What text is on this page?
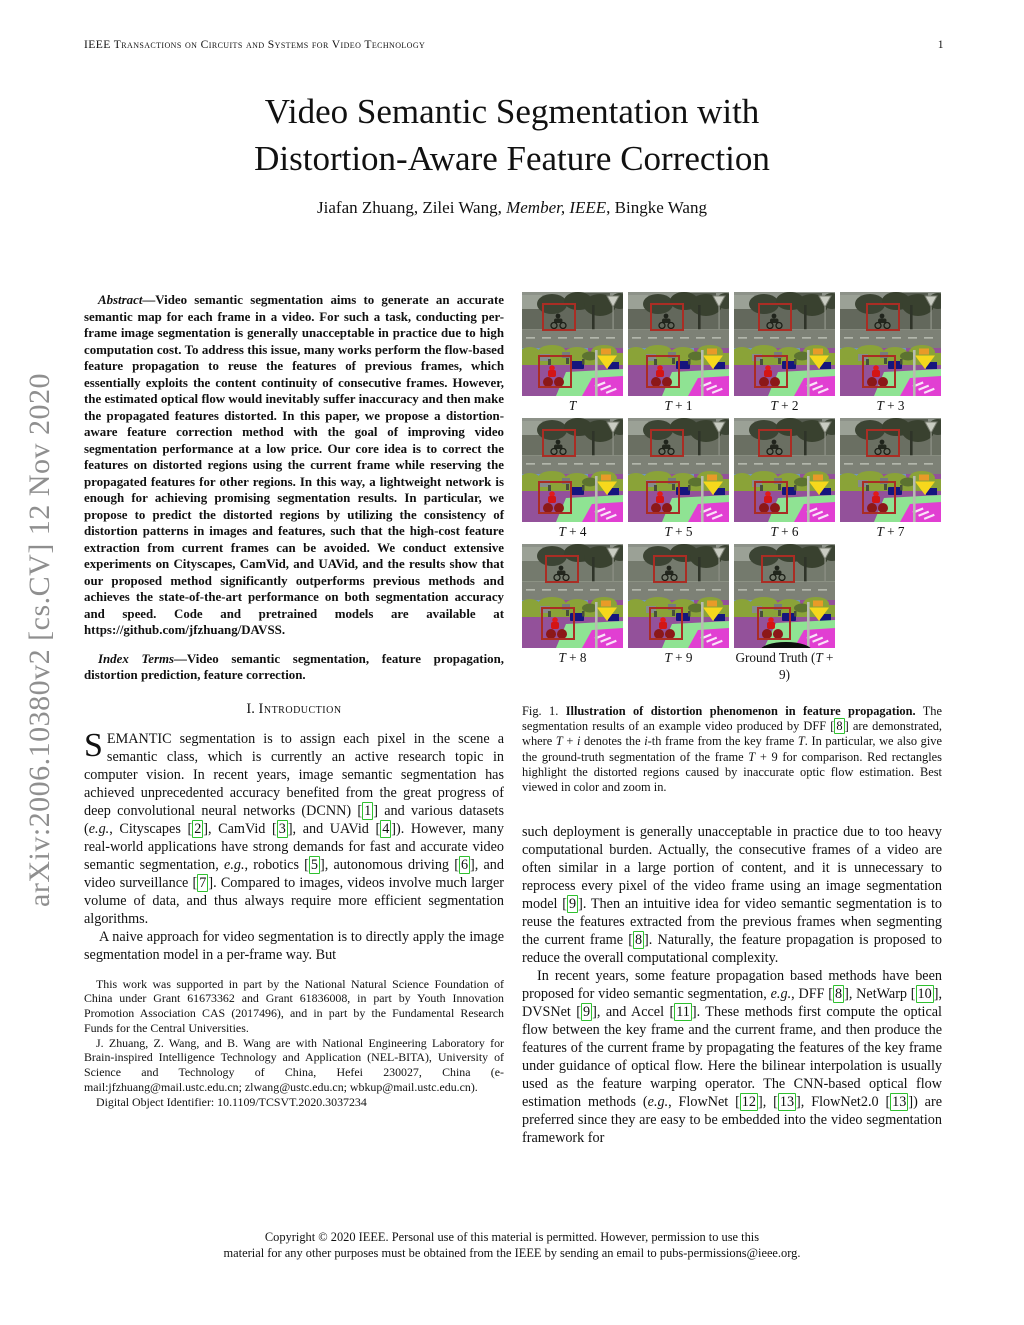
IEEE Transactions on Circuits and Systems for Video Technology	1
arXiv:2006.10380v2 [cs.CV] 12 Nov 2020
Video Semantic Segmentation with
Distortion-Aware Feature Correction
Jiafan Zhuang, Zilei Wang, Member, IEEE, Bingke Wang

Abstract—Video semantic segmentation aims to generate an accurate semantic map for each frame in a video. For such a task, conducting per-frame image segmentation is generally unacceptable in practice due to high computation cost. To address this issue, many works perform the flow-based feature propagation to reuse the features of previous frames, which essentially exploits the content continuity of consecutive frames. However, the estimated optical flow would inevitably suffer inaccuracy and then make the propagated features distorted. In this paper, we propose a distortion-aware feature correction method with the goal of improving video segmentation performance at a low price. Our core idea is to correct the features on distorted regions using the current frame while reserving the propagated features for other regions. In this way, a lightweight network is enough for achieving promising segmentation results. In particular, we propose to predict the distorted regions by utilizing the consistency of distortion patterns in images and features, such that the high-cost feature extraction from current frames can be avoided. We conduct extensive experiments on Cityscapes, CamVid, and UAVid, and the results show that our proposed method significantly outperforms previous methods and achieves the state-of-the-art performance on both segmentation accuracy and speed. Code and pretrained models are available at https://github.com/jfzhuang/DAVSS.

Index Terms—Video semantic segmentation, feature propagation, distortion prediction, feature correction.

I. Introduction

SEMANTIC segmentation is to assign each pixel in the scene a semantic class, which is currently an active research topic in computer vision. In recent years, image semantic segmentation has achieved unprecedented accuracy benefited from the great progress of deep convolutional neural networks (DCNN) [ 1 ] and various datasets (e.g., Cityscapes [ 2 ], CamVid [ 3 ], and UAVid [ 4 ]). However, many real-world applications have strong demands for fast and accurate video semantic segmentation, e.g., robotics [ 5 ], autonomous driving [ 6 ], and video surveillance [ 7 ]. Compared to images, videos involve much larger volume of data, and thus always require more efficient segmentation algorithms.

A naive approach for video segmentation is to directly apply the image segmentation model in a per-frame way. But

This work was supported in part by the National Natural Science Foundation of China under Grant 61673362 and Grant 61836008, in part by Youth Innovation Promotion Association CAS (2017496), and in part by the Fundamental Research Funds for the Central Universities.

J. Zhuang, Z. Wang, and B. Wang are with National Engineering Laboratory for Brain-inspired Intelligence Technology and Application (NEL-BITA), University of Science and Technology of China, Hefei 230027, China (e-mail:jfzhuang@mail.ustc.edu.cn; zlwang@ustc.edu.cn; wbkup@mail.ustc.edu.cn).

Digital Object Identifier: 10.1109/TCSVT.2020.3037234

T	T + 1	T + 2	T + 3
T + 4	T + 5	T + 6	T + 7
T + 8	T + 9	Ground Truth (T + 9)
Fig. 1. Illustration of distortion phenomenon in feature propagation. The segmentation results of an example video produced by DFF [ 8 ] are demonstrated, where T + i denotes the i-th frame from the key frame T. In particular, we also give the ground-truth segmentation of the frame T + 9 for comparison. Red rectangles highlight the distorted regions caused by inaccurate optic flow estimation. Best viewed in color and zoom in.

such deployment is generally unacceptable in practice due to too heavy computational burden. Actually, the consecutive frames of a video are often similar in a large portion of content, and it is unnecessary to reprocess every pixel of the video frame using an image segmentation model [ 9 ]. Then an intuitive idea for video semantic segmentation is to reuse the features extracted from the previous frames when segmenting the current frame [ 8 ]. Naturally, the feature propagation is proposed to reduce the overall computational complexity.

In recent years, some feature propagation based methods have been proposed for video semantic segmentation, e.g., DFF [ 8 ], NetWarp [ 10 ], DVSNet [ 9 ], and Accel [ 11 ]. These methods first compute the optical flow between the key frame and the current frame, and then produce the features of the current frame by propagating the features of the key frame under guidance of optical flow. Here the bilinear interpolation is usually used as the feature warping operator. The CNN-based optical flow estimation methods (e.g., FlowNet [ 12 ], [ 13 ], FlowNet2.0 [ 13 ]) are preferred since they are easy to be embedded into the video segmentation framework for

Copyright © 2020 IEEE. Personal use of this material is permitted. However, permission to use this
material for any other purposes must be obtained from the IEEE by sending an email to pubs-permissions@ieee.org.
